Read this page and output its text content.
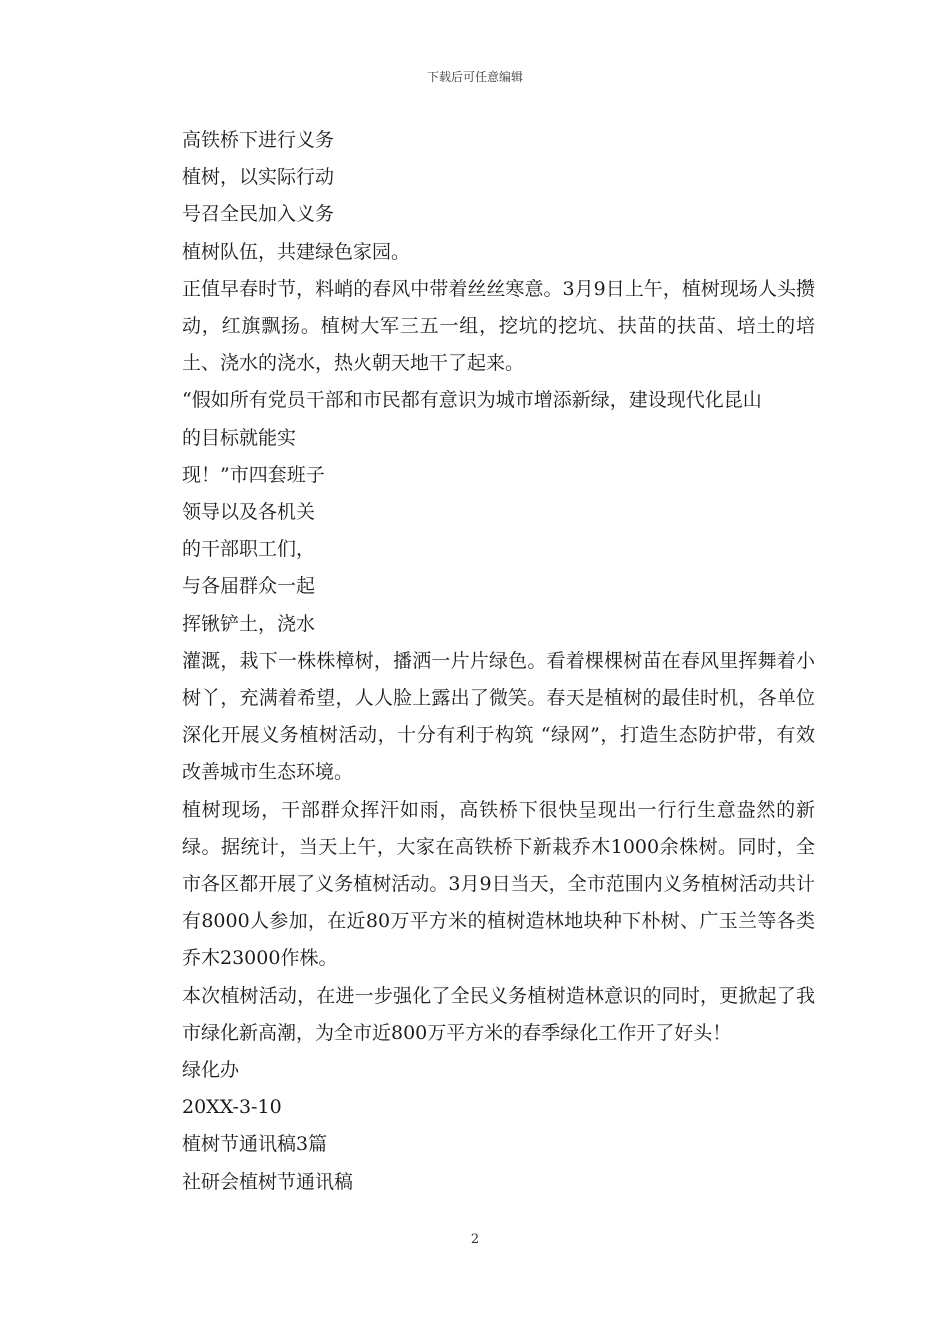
下载后可任意编辑

高铁桥下进行义务

植树，以实际行动

号召全民加入义务

植树队伍，共建绿色家园。

正值早春时节，料峭的春风中带着丝丝寒意。3月9日上午，植树现场人头攒动，红旗飘扬。植树大军三五一组，挖坑的挖坑、扶苗的扶苗、培土的培土、浇水的浇水，热火朝天地干了起来。

“假如所有党员干部和市民都有意识为城市增添新绿，建设现代化昆山

的目标就能实

现！”市四套班子

领导以及各机关

的干部职工们，

与各届群众一起

挥锹铲土，浇水

灌溉，栽下一株株樟树，播洒一片片绿色。看着棵棵树苗在春风里挥舞着小树丫，充满着希望，人人脸上露出了微笑。春天是植树的最佳时机，各单位深化开展义务植树活动，十分有利于构筑 “绿网”，打造生态防护带，有效改善城市生态环境。

植树现场，干部群众挥汗如雨，高铁桥下很快呈现出一行行生意盎然的新绿。据统计，当天上午，大家在高铁桥下新栽乔木1000余株树。同时，全市各区都开展了义务植树活动。3月9日当天，全市范围内义务植树活动共计有8000人参加，在近80万平方米的植树造林地块种下朴树、广玉兰等各类乔木23000作株。

本次植树活动，在进一步强化了全民义务植树造林意识的同时，更掀起了我市绿化新高潮，为全市近800万平方米的春季绿化工作开了好头！

绿化办

20XX-3-10

植树节通讯稿3篇

社研会植树节通讯稿

2
